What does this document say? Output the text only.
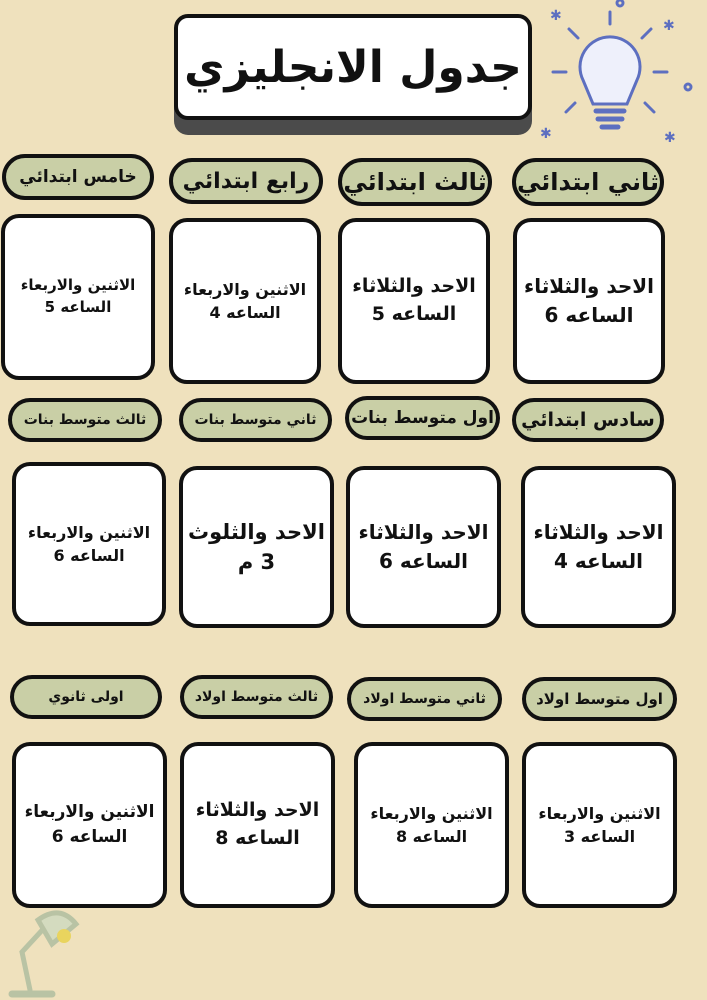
✱
✱
✱	✱
جدول الانجليزي
ثاني ابتدائي
ثالث ابتدائي
رابع ابتدائي
خامس ابتدائي
الاحد والثلاثاء
الساعه 6
الاحد والثلاثاء
الساعه 5
الاثنين والاربعاء
الساعه 4
الاثنين والاربعاء
الساعه 5
سادس ابتدائي
اول متوسط بنات
ثاني متوسط بنات
ثالث متوسط بنات
الاحد والثلاثاء
الساعه 4
الاحد والثلاثاء
الساعه 6
الاحد والثلوث
3 م
الاثنين والاربعاء
الساعه 6
اول متوسط اولاد
ثاني متوسط اولاد
ثالث متوسط اولاد
اولى ثانوي
الاثنين والاربعاء
الساعه 3
الاثنين والاربعاء
الساعه 8
الاحد والثلاثاء
الساعه 8
الاثنين والاربعاء
الساعه 6
